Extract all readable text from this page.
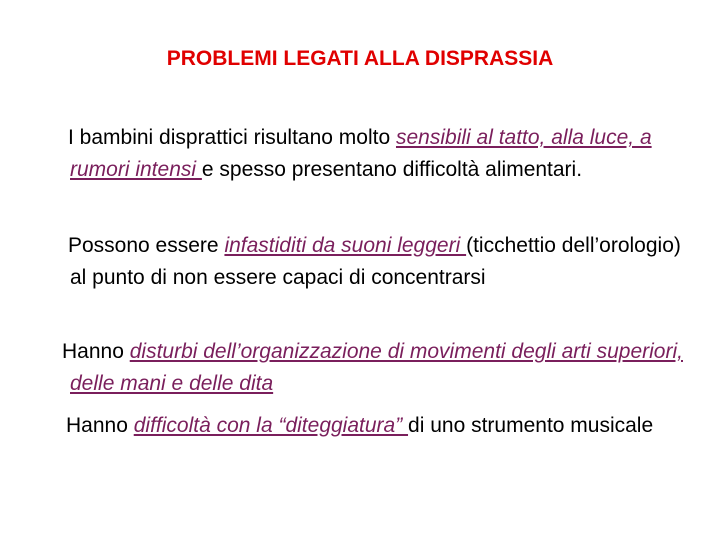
PROBLEMI LEGATI ALLA DISPRASSIA

I bambini disprattici risultano molto sensibili al tatto, alla luce, a rumori intensi e spesso presentano difficoltà alimentari.

Possono essere infastiditi da suoni leggeri (ticchettio dell’orologio) al punto di non essere capaci di concentrarsi

Hanno disturbi dell’organizzazione di movimenti degli arti superiori, delle mani e delle dita

Hanno difficoltà con la “diteggiatura” di uno strumento musicale
